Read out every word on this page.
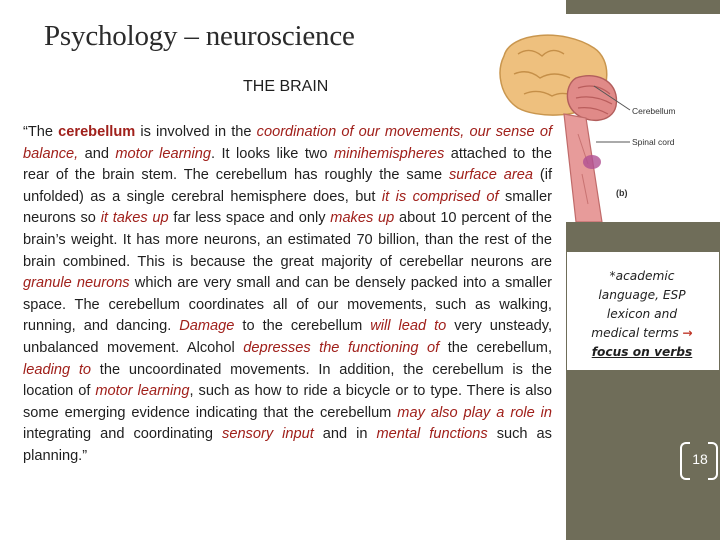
Cerebellum
Spinal cord
(b)
Psychology – neuroscience
THE BRAIN
“The cerebellum is involved in the coordination of our movements, our sense of balance, and motor learning. It looks like two minihemispheres attached to the rear of the brain stem. The cerebellum has roughly the same surface area (if unfolded) as a single cerebral hemisphere does, but it is comprised of smaller neurons so it takes up far less space and only makes up about 10 percent of the brain’s weight. It has more neurons, an estimated 70 billion, than the rest of the brain combined. This is because the great majority of cerebellar neurons are granule neurons which are very small and can be densely packed into a smaller space. The cerebellum coordinates all of our movements, such as walking, running, and dancing. Damage to the cerebellum will lead to very unsteady, unbalanced movement. Alcohol depresses the functioning of the cerebellum, leading to the uncoordinated movements. In addition, the cerebellum is the location of motor learning, such as how to ride a bicycle or to type. There is also some emerging evidence indicating that the cerebellum may also play a role in integrating and coordinating sensory input and in mental functions such as planning.”
*academic
language, ESP
lexicon and
medical terms →
focus on verbs
18
